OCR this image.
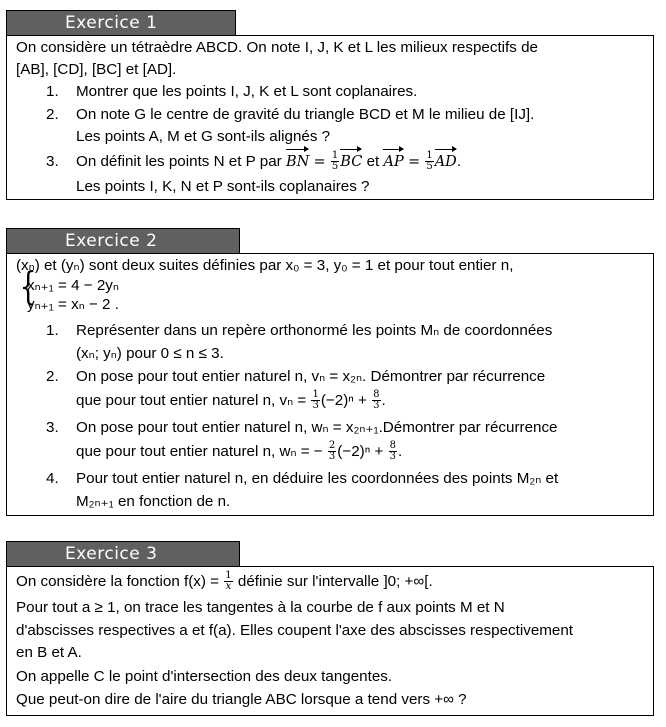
Exercice 1
On considère un tétraèdre ABCD. On note I, J, K et L les milieux respectifs de
[AB], [CD], [BC] et [AD].
1. Montrer que les points I, J, K et L sont coplanaires.
2. On note G le centre de gravité du triangle BCD et M le milieu de [IJ].
Les points A, M et G sont-ils alignés ?
3. On définit les points N et P par BN = $\frac{1}{5}$ BC et AP = $\frac{1}{5}$ AD.
Les points I, K, N et P sont-ils coplanaires ?
Exercice 2
(xₙ) et (yₙ) sont deux suites définies par x₀ = 3, y₀ = 1 et pour tout entier n,
{
xₙ₊₁ = 4 − 2yₙ
yₙ₊₁ = xₙ − 2 .
1. Représenter dans un repère orthonormé les points Mₙ de coordonnées
(xₙ; yₙ) pour 0 ≤ n ≤ 3.
2. On pose pour tout entier naturel n, vₙ = x₂ₙ. Démontrer par récurrence
que pour tout entier naturel n, $v_n = \frac{1}{3} (-2)^n + \frac{8}{3}$ .
3. On pose pour tout entier naturel n, wₙ = x₂ₙ₊₁.Démontrer par récurrence
que pour tout entier naturel n, wₙ = − $\frac{2}{3} (-2)^n + \frac{8}{3}$ .
4. Pour tout entier naturel n, en déduire les coordonnées des points M₂ₙ et
M₂ₙ₊₁ en fonction de n.
Exercice 3
On considère la fonction $f(x) = \frac{1}{x}$ définie sur l'intervalle ]0; +∞[.
Pour tout a ≥ 1, on trace les tangentes à la courbe de f aux points M et N
d'abscisses respectives a et f(a). Elles coupent l'axe des abscisses respectivement
en B et A.
On appelle C le point d'intersection des deux tangentes.
Que peut-on dire de l'aire du triangle ABC lorsque a tend vers +∞ ?
